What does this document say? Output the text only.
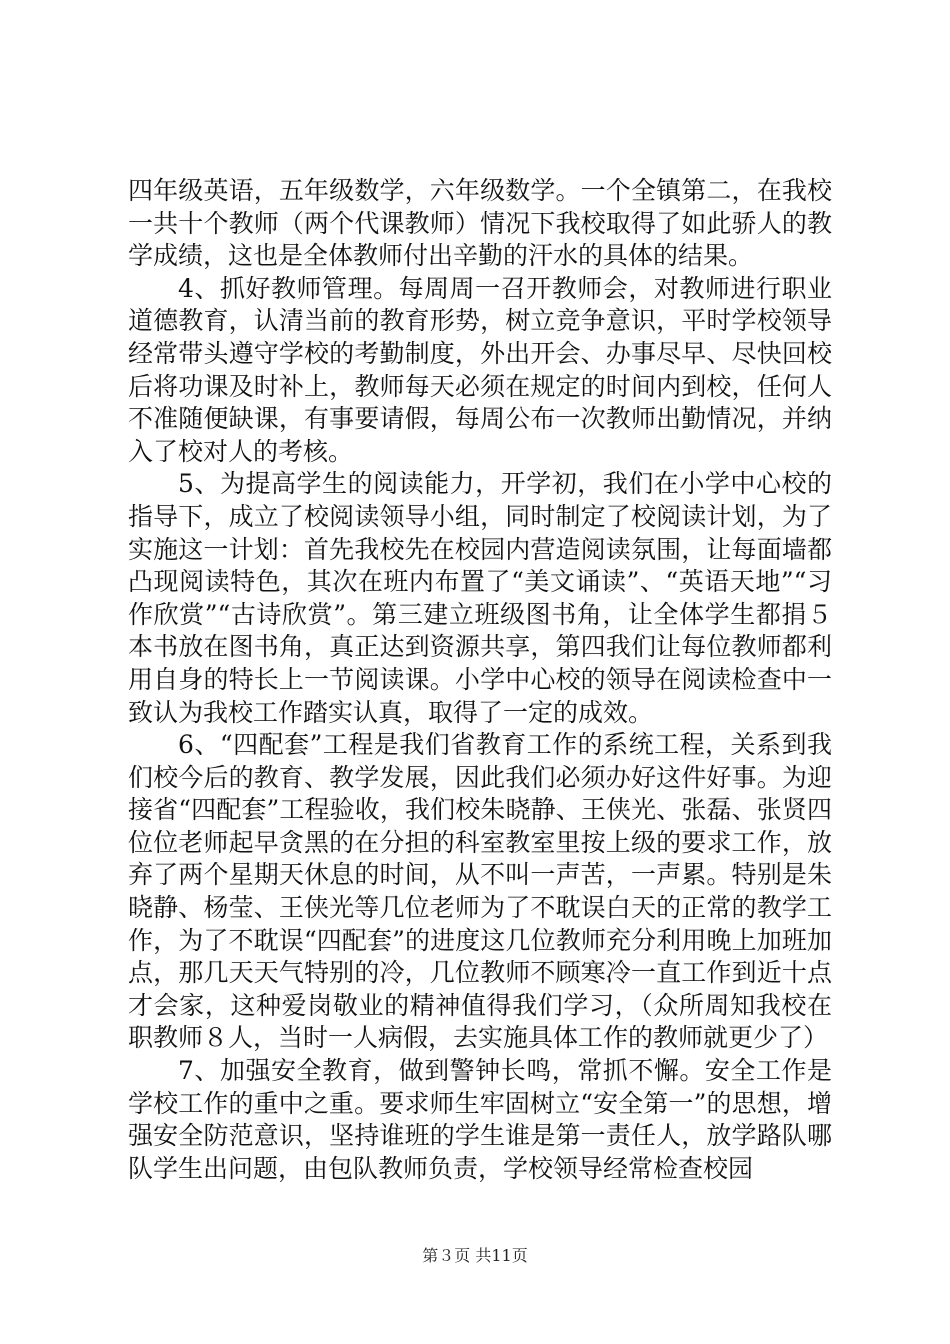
四年级英语，五年级数学，六年级数学。一个全镇第二，在我校一共十个教师（两个代课教师）情况下我校取得了如此骄人的教学成绩，这也是全体教师付出辛勤的汗水的具体的结果。

4、抓好教师管理。每周周一召开教师会，对教师进行职业道德教育，认清当前的教育形势，树立竞争意识，平时学校领导经常带头遵守学校的考勤制度，外出开会、办事尽早、尽快回校后将功课及时补上，教师每天必须在规定的时间内到校，任何人不准随便缺课，有事要请假，每周公布一次教师出勤情况，并纳入了校对人的考核。

5、为提高学生的阅读能力，开学初，我们在小学中心校的指导下，成立了校阅读领导小组，同时制定了校阅读计划，为了实施这一计划：首先我校先在校园内营造阅读氛围，让每面墙都凸现阅读特色，其次在班内布置了“美文诵读”、“英语天地”“习作欣赏”“古诗欣赏”。第三建立班级图书角，让全体学生都捐５本书放在图书角，真正达到资源共享，第四我们让每位教师都利用自身的特长上一节阅读课。小学中心校的领导在阅读检查中一致认为我校工作踏实认真，取得了一定的成效。

6、“四配套”工程是我们省教育工作的系统工程，关系到我们校今后的教育、教学发展，因此我们必须办好这件好事。为迎接省“四配套”工程验收，我们校朱晓静、王侠光、张磊、张贤四位位老师起早贪黑的在分担的科室教室里按上级的要求工作，放弃了两个星期天休息的时间，从不叫一声苦，一声累。特别是朱晓静、杨莹、王侠光等几位老师为了不耽误白天的正常的教学工作，为了不耽误“四配套”的进度这几位教师充分利用晚上加班加点，那几天天气特别的冷，几位教师不顾寒冷一直工作到近十点才会家，这种爱岗敬业的精神值得我们学习，（众所周知我校在职教师８人，当时一人病假，去实施具体工作的教师就更少了）

7、加强安全教育，做到警钟长鸣，常抓不懈。安全工作是学校工作的重中之重。要求师生牢固树立“安全第一”的思想，增强安全防范意识，坚持谁班的学生谁是第一责任人，放学路队哪队学生出问题，由包队教师负责，学校领导经常检查校园

第３页 共11页
